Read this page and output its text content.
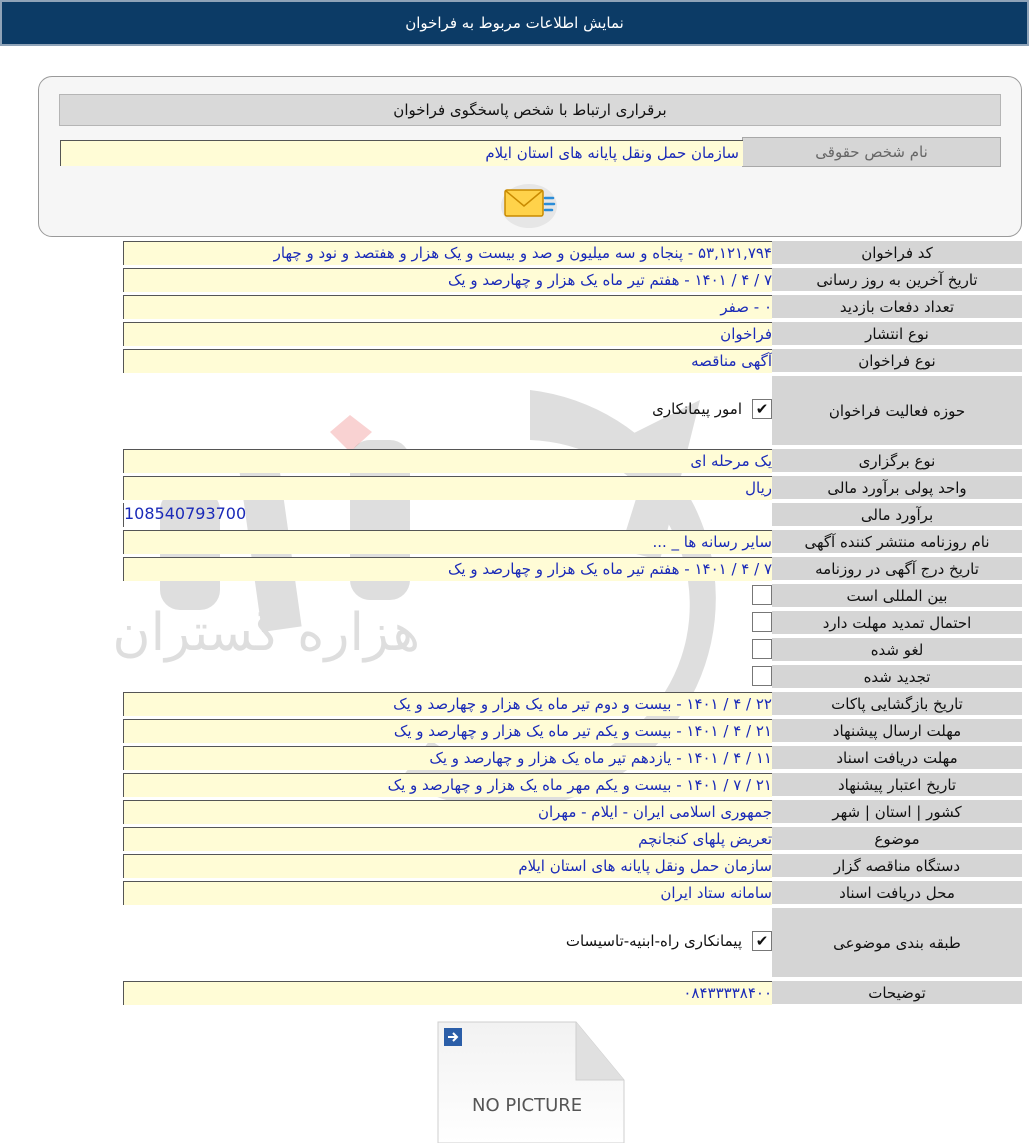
نمایش اطلاعات مربوط به فراخوان
هزاره گستران
برقراری ارتباط با شخص پاسخگوی فراخوان
نام شخص حقوقی
سازمان حمل ونقل پایانه های استان ایلام
کد فراخوان
۵۳,۱۲۱,۷۹۴ - پنجاه و سه میلیون و صد و بیست و یک هزار و هفتصد و نود و چهار
تاریخ آخرین به روز رسانی
۷ / ۴ / ۱۴۰۱ - هفتم تیر ماه یک هزار و چهارصد و یک
تعداد دفعات بازدید
۰ - صفر
نوع انتشار
فراخوان
نوع فراخوان
آگهی مناقصه
حوزه فعالیت فراخوان
✔
امور پیمانکاری
نوع برگزاری
یک مرحله ای
واحد پولی برآورد مالی
ریال
برآورد مالی
108540793700
نام روزنامه منتشر کننده آگهی
سایر رسانه ها _ ...
تاریخ درج آگهی در روزنامه
۷ / ۴ / ۱۴۰۱ - هفتم تیر ماه یک هزار و چهارصد و یک
بین المللی است
احتمال تمدید مهلت دارد
لغو شده
تجدید شده
تاریخ بازگشایی پاکات
۲۲ / ۴ / ۱۴۰۱ - بیست و دوم تیر ماه یک هزار و چهارصد و یک
مهلت ارسال پیشنهاد
۲۱ / ۴ / ۱۴۰۱ - بیست و یکم تیر ماه یک هزار و چهارصد و یک
مهلت دریافت اسناد
۱۱ / ۴ / ۱۴۰۱ - یازدهم تیر ماه یک هزار و چهارصد و یک
تاریخ اعتبار پیشنهاد
۲۱ / ۷ / ۱۴۰۱ - بیست و یکم مهر ماه یک هزار و چهارصد و یک
کشور | استان | شهر
جمهوری اسلامی ایران - ایلام - مهران
موضوع
تعریض پلهای کنجانچم
دستگاه مناقصه گزار
سازمان حمل ونقل پایانه های استان ایلام
محل دریافت اسناد
سامانه ستاد ایران
طبقه بندی موضوعی
✔
پیمانکاری راه-ابنیه-تاسیسات
توضیحات
۰۸۴۳۳۳۳۸۴۰۰
NO PICTURE
